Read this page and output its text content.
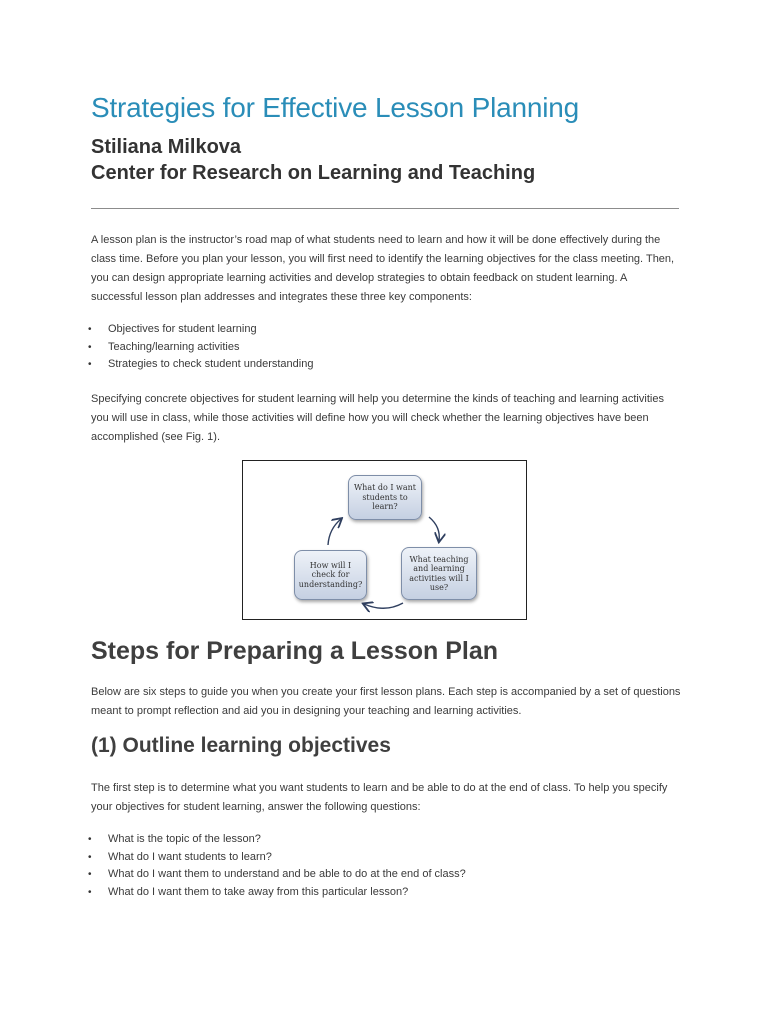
Strategies for Effective Lesson Planning
Stiliana Milkova
Center for Research on Learning and Teaching

A lesson plan is the instructor’s road map of what students need to learn and how it will be done effectively during the class time. Before you plan your lesson, you will first need to identify the learning objectives for the class meeting. Then, you can design appropriate learning activities and develop strategies to obtain feedback on student learning. A successful lesson plan addresses and integrates these three key components:

• Objectives for student learning
• Teaching/learning activities
• Strategies to check student understanding

Specifying concrete objectives for student learning will help you determine the kinds of teaching and learning activities you will use in class, while those activities will define how you will check whether the learning objectives have been accomplished (see Fig. 1).

What do I want students to learn?
What teaching and learning activities will I use?
How will I check for understanding?
Steps for Preparing a Lesson Plan

Below are six steps to guide you when you create your first lesson plans. Each step is accompanied by a set of questions meant to prompt reflection and aid you in designing your teaching and learning activities.

(1) Outline learning objectives

The first step is to determine what you want students to learn and be able to do at the end of class. To help you specify your objectives for student learning, answer the following questions:

• What is the topic of the lesson?
• What do I want students to learn?
• What do I want them to understand and be able to do at the end of class?
• What do I want them to take away from this particular lesson?
